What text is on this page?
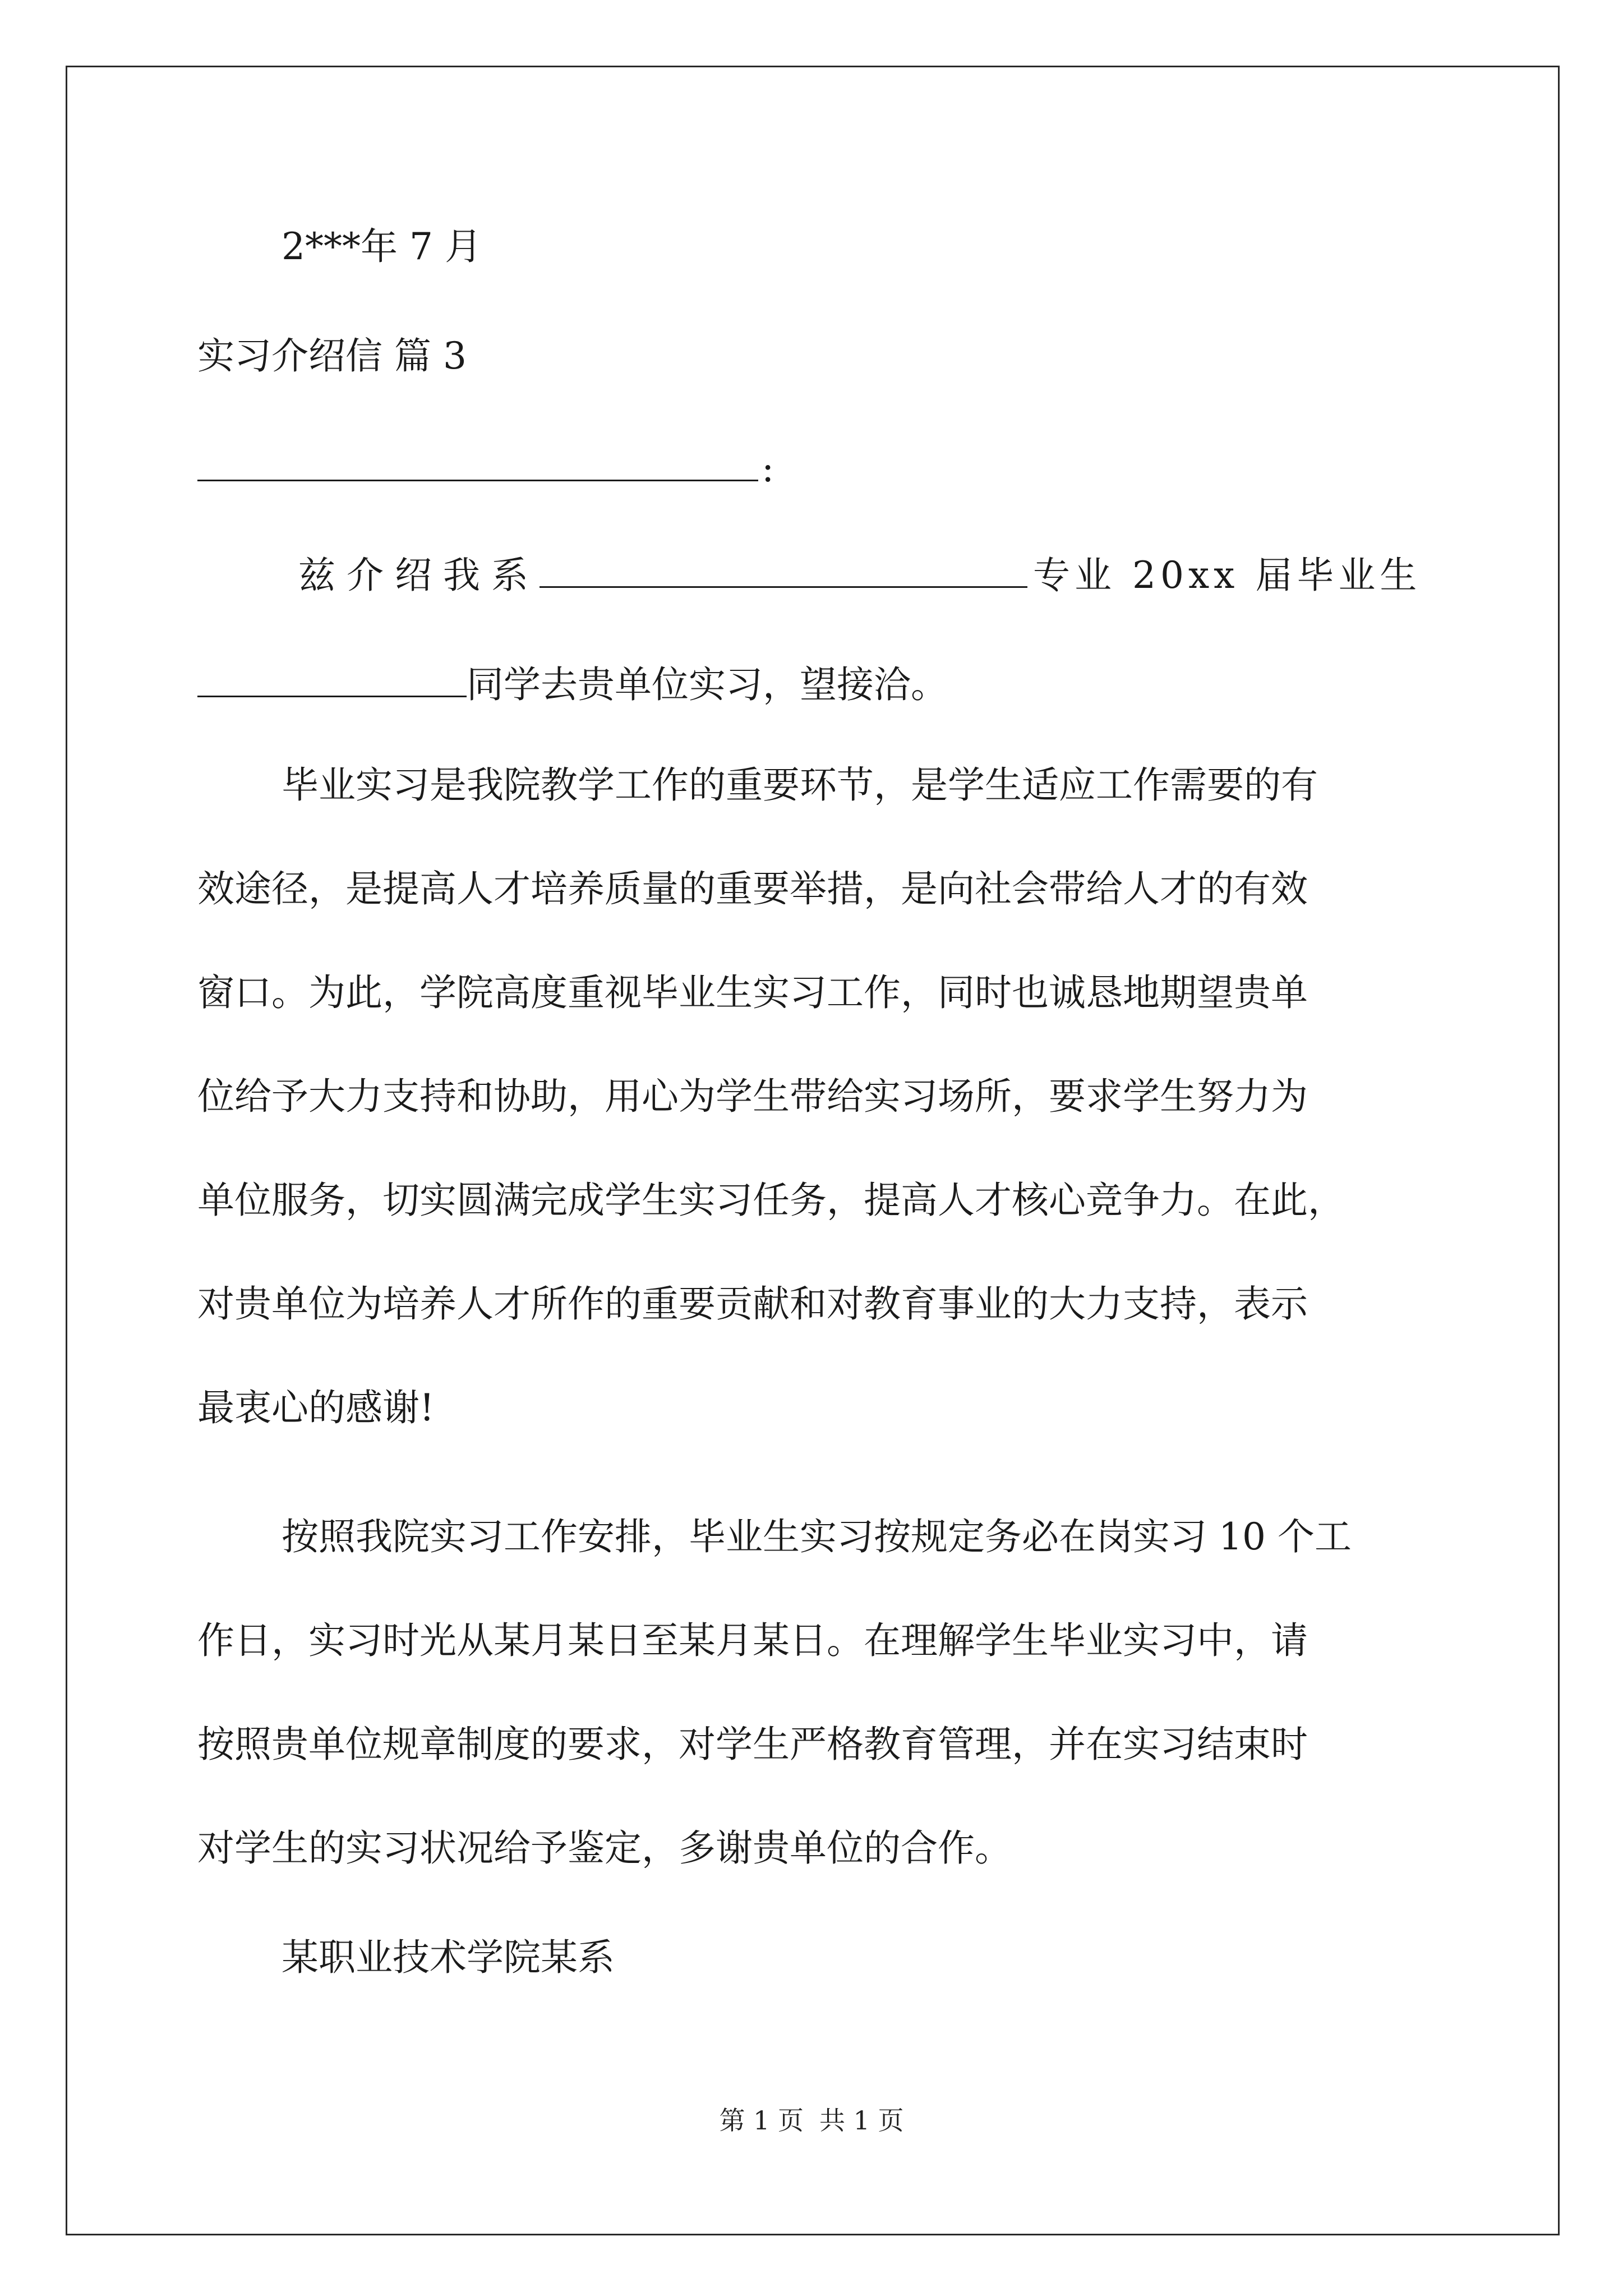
2***年 7 月
实习介绍信 篇 3
:
兹介绍我系	专业 20xx 届毕业生
同学去贵单位实习，望接洽。
毕业实习是我院教学工作的重要环节，是学生适应工作需要的有
效途径，是提高人才培养质量的重要举措，是向社会带给人才的有效
窗口。为此，学院高度重视毕业生实习工作，同时也诚恳地期望贵单
位给予大力支持和协助，用心为学生带给实习场所，要求学生努力为
单位服务，切实圆满完成学生实习任务，提高人才核心竞争力。在此，
对贵单位为培养人才所作的重要贡献和对教育事业的大力支持，表示
最衷心的感谢!
按照我院实习工作安排，毕业生实习按规定务必在岗实习 10 个工
作日，实习时光从某月某日至某月某日。在理解学生毕业实习中，请
按照贵单位规章制度的要求，对学生严格教育管理，并在实习结束时
对学生的实习状况给予鉴定，多谢贵单位的合作。
某职业技术学院某系
第 1 页 共 1 页
